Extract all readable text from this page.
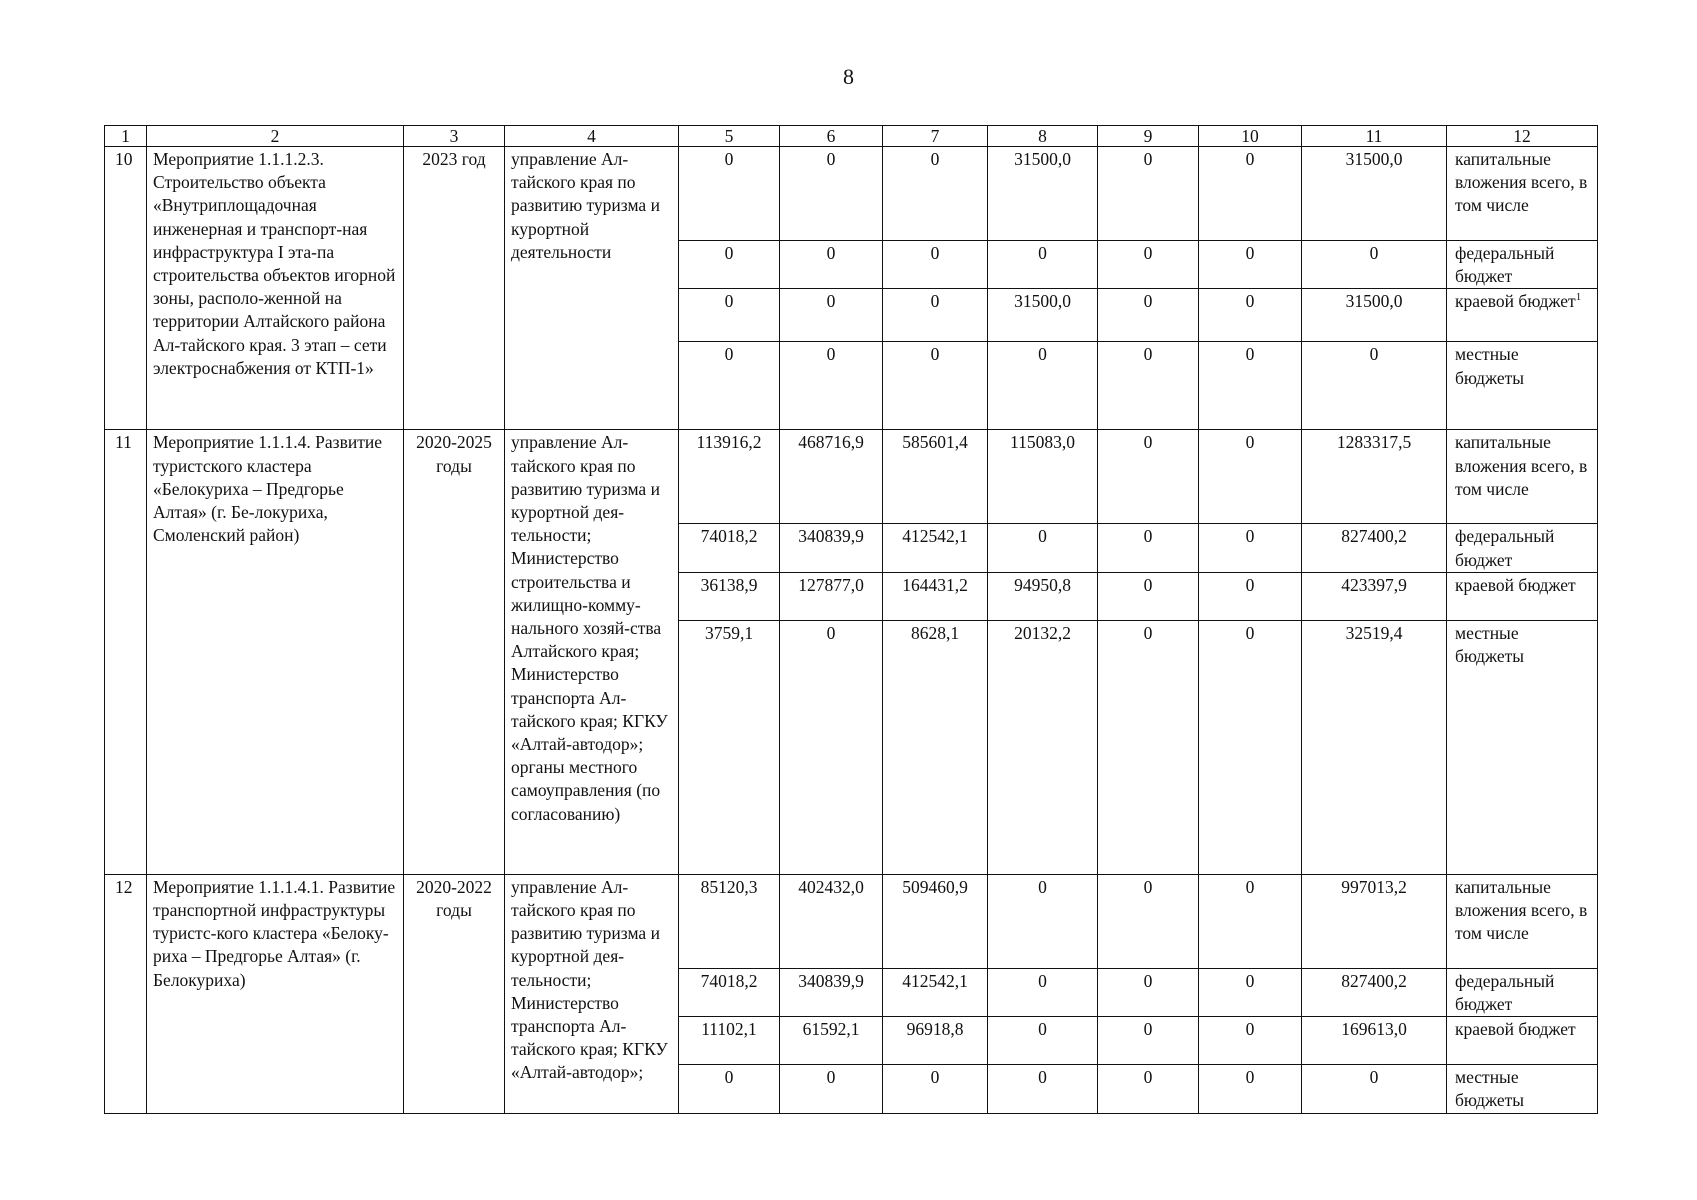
8
1	2	3	4	5	6	7	8	9	10	11	12
10	Мероприятие 1.1.1.2.3. Строительство объекта «Внутриплощадочная инженерная и транспорт-ная инфраструктура I эта-па строительства объектов игорной зоны, располо-женной на территории Алтайского района Ал-тайского края. 3 этап – сети электроснабжения от КТП-1»	2023 год	управление Ал-тайского края по развитию туризма и курортной деятельности	0	0	0	31500,0	0	0	31500,0	капитальные вложения всего, в том числе
				0	0	0	0	0	0	0	федеральный бюджет
				0	0	0	31500,0	0	0	31500,0	краевой бюджет$^1$
				0	0	0	0	0	0	0	местные бюджеты
11	Мероприятие 1.1.1.4. Развитие туристского кластера «Белокуриха – Предгорье Алтая» (г. Бе-локуриха, Смоленский район)	2020-2025 годы	управление Ал-тайского края по развитию туризма и курортной дея-тельности; Министерство строительства и жилищно-комму-нального хозяй-ства Алтайского края; Министерство транспорта Ал-тайского края; КГКУ «Алтай-автодор»; органы местного самоуправления (по согласованию)	113916,2	468716,9	585601,4	115083,0	0	0	1283317,5	капитальные вложения всего, в том числе
				74018,2	340839,9	412542,1	0	0	0	827400,2	федеральный бюджет
				36138,9	127877,0	164431,2	94950,8	0	0	423397,9	краевой бюджет
				3759,1	0	8628,1	20132,2	0	0	32519,4	местные бюджеты
12	Мероприятие 1.1.1.4.1. Развитие транспортной инфраструктуры туристс-кого кластера «Белоку-риха – Предгорье Алтая» (г. Белокуриха)	2020-2022 годы	управление Ал-тайского края по развитию туризма и курортной дея-тельности; Министерство транспорта Ал-тайского края; КГКУ «Алтай-автодор»;	85120,3	402432,0	509460,9	0	0	0	997013,2	капитальные вложения всего, в том числе
				74018,2	340839,9	412542,1	0	0	0	827400,2	федеральный бюджет
				11102,1	61592,1	96918,8	0	0	0	169613,0	краевой бюджет
				0	0	0	0	0	0	0	местные бюджеты
